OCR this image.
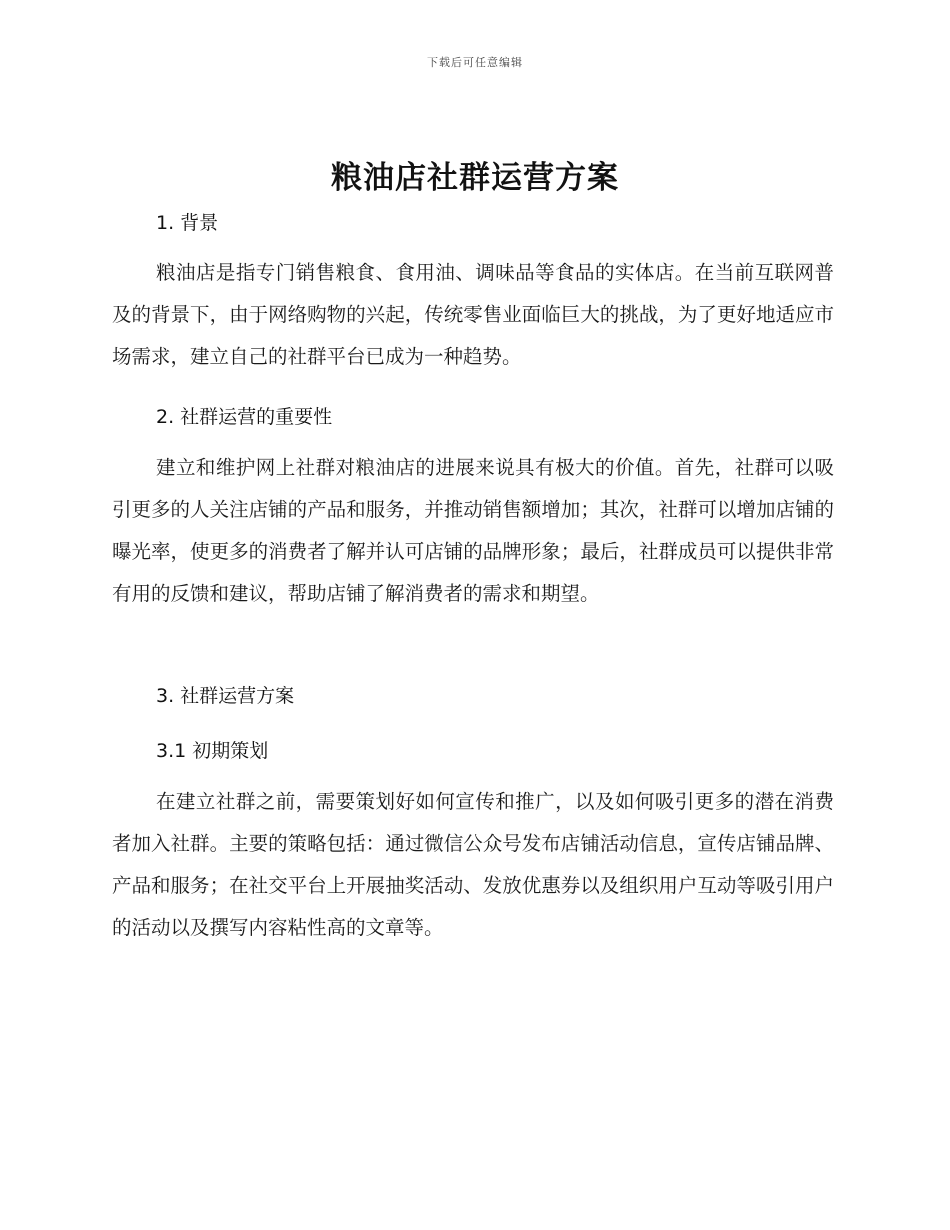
下载后可任意编辑
粮油店社群运营方案
1. 背景
粮油店是指专门销售粮食、食用油、调味品等食品的实体店。在当前互联网普及的背景下，由于网络购物的兴起，传统零售业面临巨大的挑战，为了更好地适应市场需求，建立自己的社群平台已成为一种趋势。
2. 社群运营的重要性
建立和维护网上社群对粮油店的进展来说具有极大的价值。首先，社群可以吸引更多的人关注店铺的产品和服务，并推动销售额增加；其次，社群可以增加店铺的曝光率，使更多的消费者了解并认可店铺的品牌形象；最后，社群成员可以提供非常有用的反馈和建议，帮助店铺了解消费者的需求和期望。
3. 社群运营方案
3.1 初期策划
在建立社群之前，需要策划好如何宣传和推广，以及如何吸引更多的潜在消费者加入社群。主要的策略包括：通过微信公众号发布店铺活动信息，宣传店铺品牌、产品和服务；在社交平台上开展抽奖活动、发放优惠券以及组织用户互动等吸引用户的活动以及撰写内容粘性高的文章等。
